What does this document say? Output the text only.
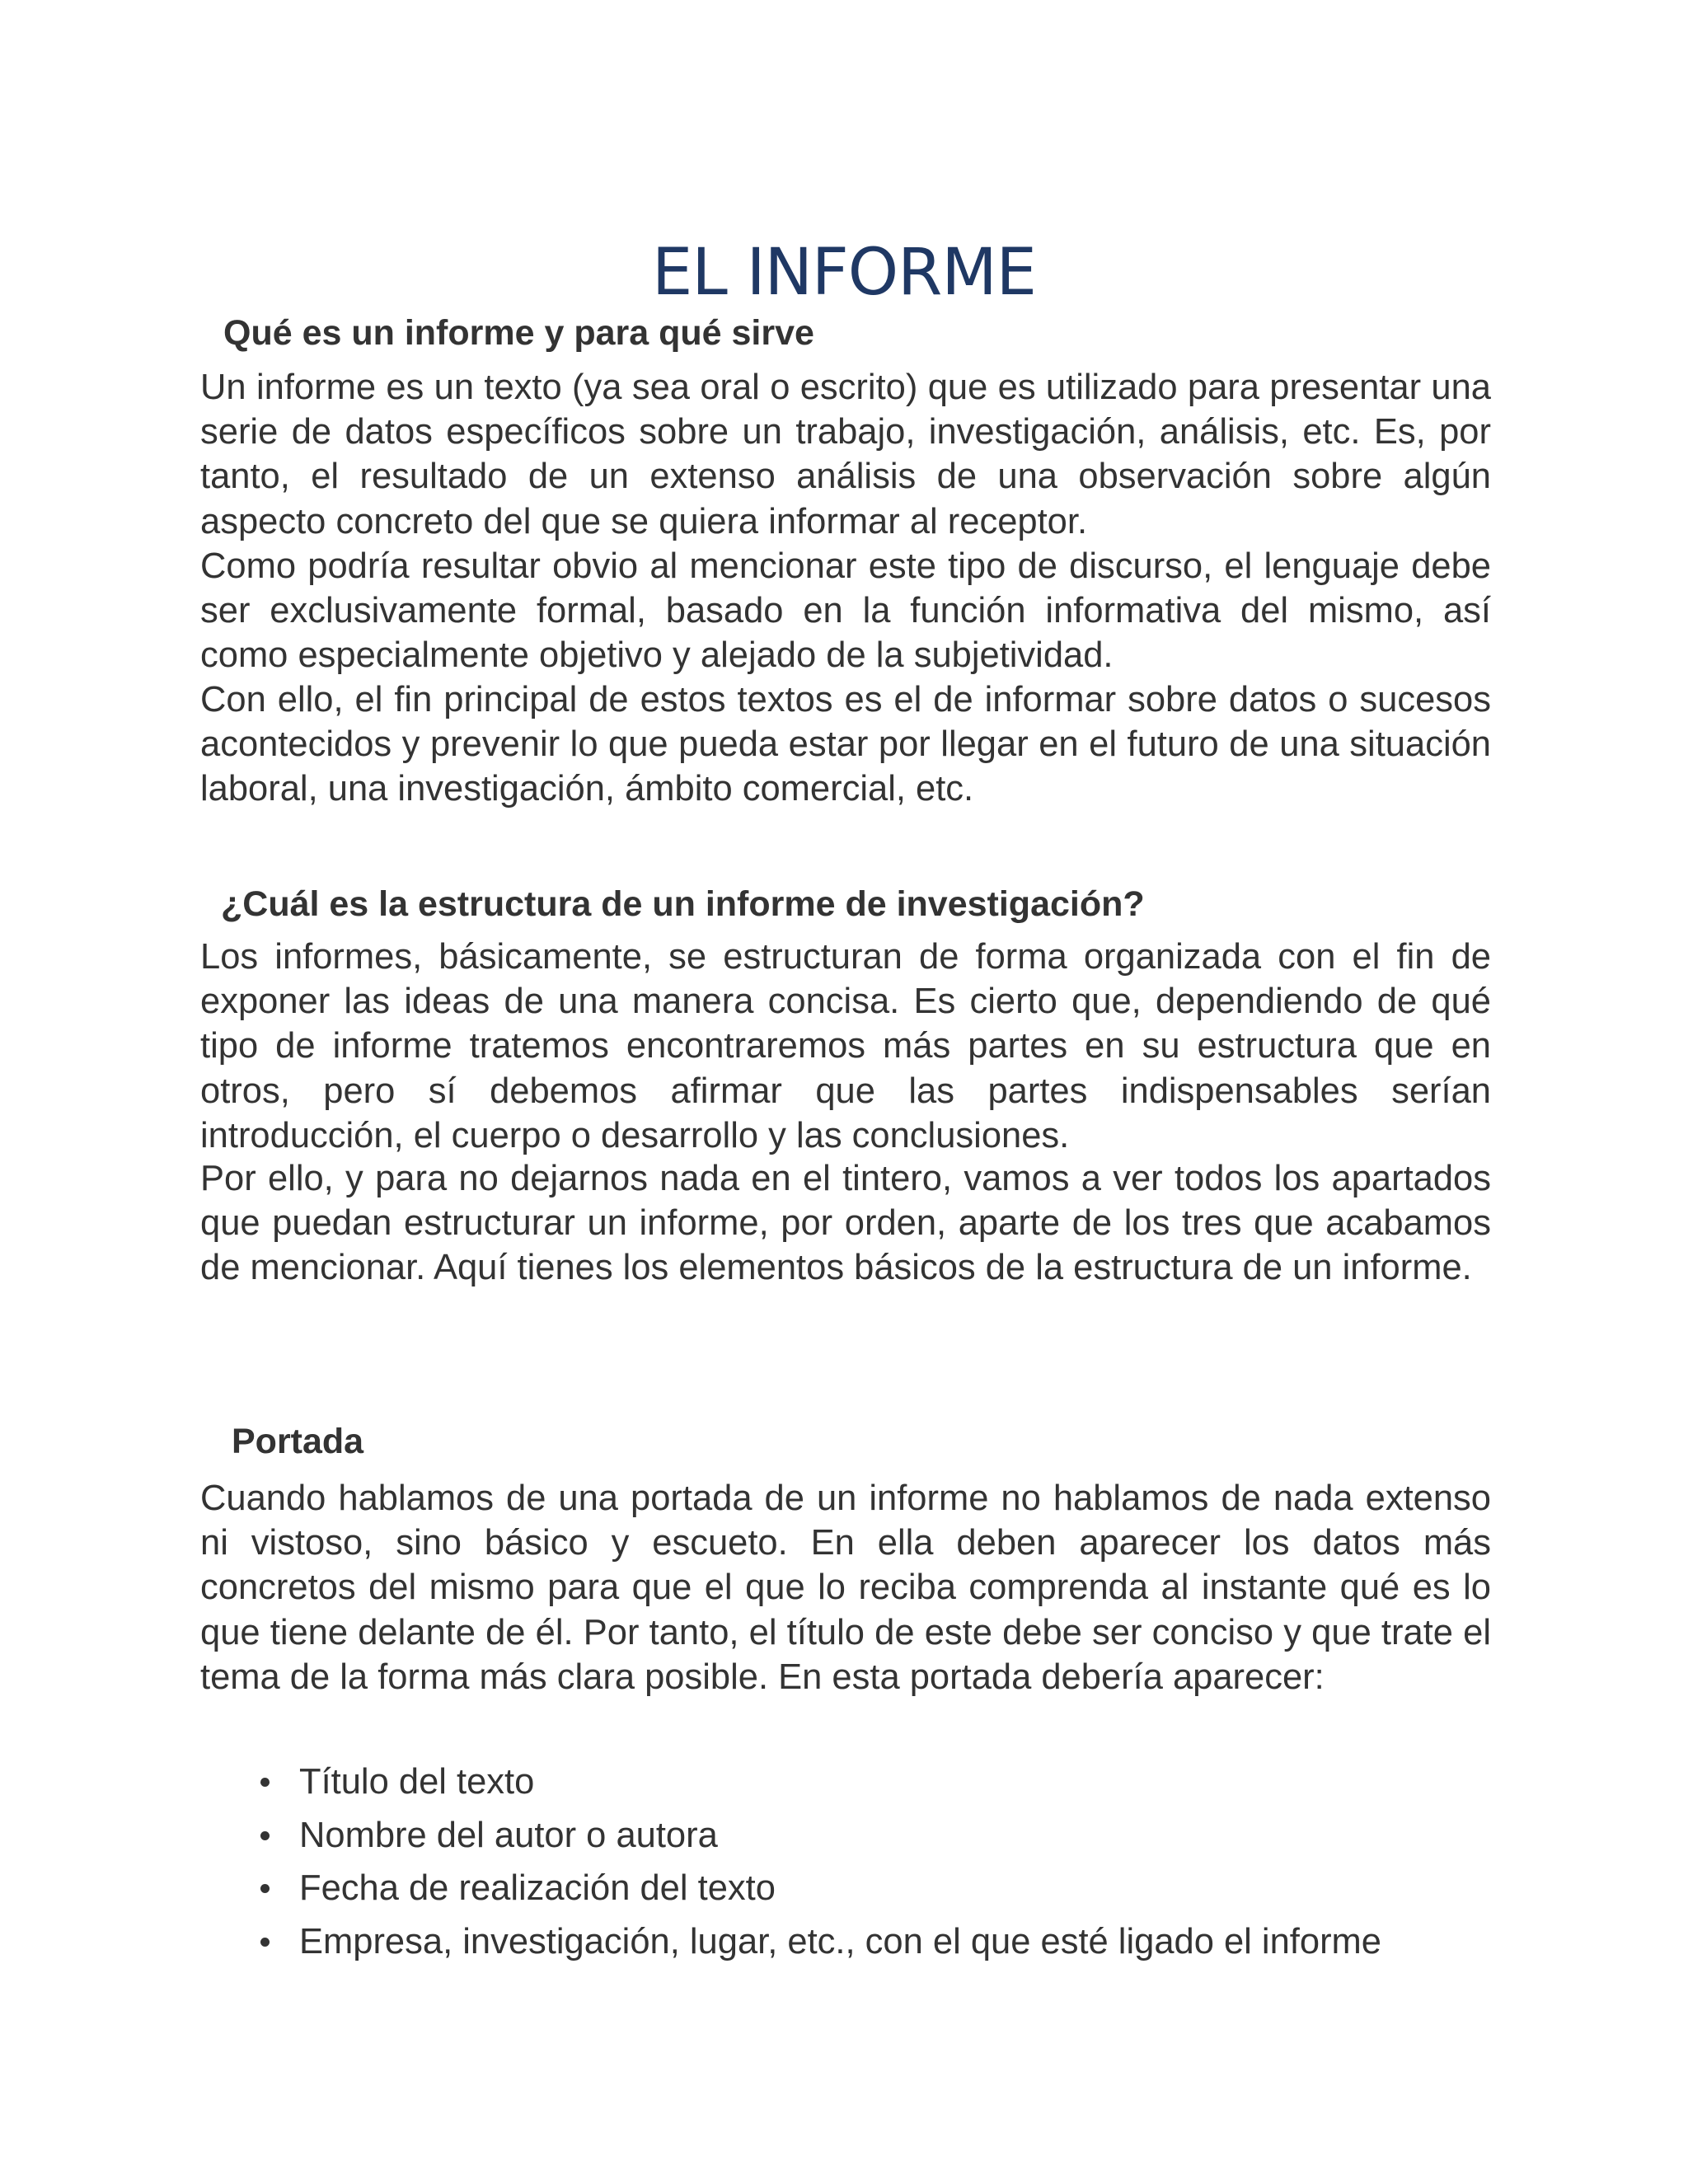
EL INFORME
Qué es un informe y para qué sirve

Un informe es un texto (ya sea oral o escrito) que es utilizado para presentar una serie de datos específicos sobre un trabajo, investigación, análisis, etc. Es, por tanto, el resultado de un extenso análisis de una observación sobre algún aspecto concreto del que se quiera informar al receptor.

Como podría resultar obvio al mencionar este tipo de discurso, el lenguaje debe ser exclusivamente formal, basado en la función informativa del mismo, así como especialmente objetivo y alejado de la subjetividad.

Con ello, el fin principal de estos textos es el de informar sobre datos o sucesos acontecidos y prevenir lo que pueda estar por llegar en el futuro de una situación laboral, una investigación, ámbito comercial, etc.

¿Cuál es la estructura de un informe de investigación?

Los informes, básicamente, se estructuran de forma organizada con el fin de exponer las ideas de una manera concisa. Es cierto que, dependiendo de qué tipo de informe tratemos encontraremos más partes en su estructura que en otros, pero sí debemos afirmar que las partes indispensables serían introducción, el cuerpo o desarrollo y las conclusiones.

Por ello, y para no dejarnos nada en el tintero, vamos a ver todos los apartados que puedan estructurar un informe, por orden, aparte de los tres que acabamos de mencionar. Aquí tienes los elementos básicos de la estructura de un informe.

Portada

Cuando hablamos de una portada de un informe no hablamos de nada extenso ni vistoso, sino básico y escueto. En ella deben aparecer los datos más concretos del mismo para que el que lo reciba comprenda al instante qué es lo que tiene delante de él. Por tanto, el título de este debe ser conciso y que trate el tema de la forma más clara posible. En esta portada debería aparecer:

Título del texto
Nombre del autor o autora
Fecha de realización del texto
Empresa, investigación, lugar, etc., con el que esté ligado el informe
